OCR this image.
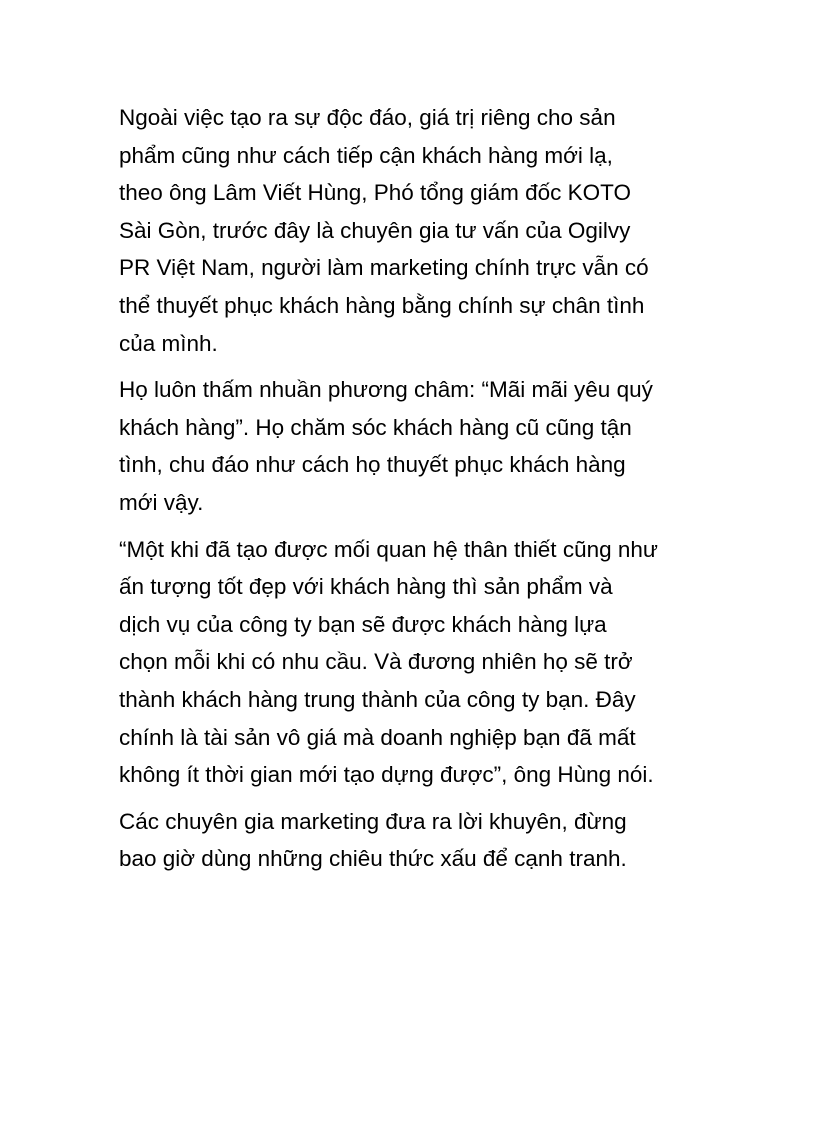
Ngoài việc tạo ra sự độc đáo, giá trị riêng cho sản
phẩm cũng như cách tiếp cận khách hàng mới lạ,
theo ông Lâm Viết Hùng, Phó tổng giám đốc KOTO
Sài Gòn, trước đây là chuyên gia tư vấn của Ogilvy
PR Việt Nam, người làm marketing chính trực vẫn có
thể thuyết phục khách hàng bằng chính sự chân tình
của mình.

Họ luôn thấm nhuần phương châm: “Mãi mãi yêu quý
khách hàng”. Họ chăm sóc khách hàng cũ cũng tận
tình, chu đáo như cách họ thuyết phục khách hàng
mới vậy.

“Một khi đã tạo được mối quan hệ thân thiết cũng như
ấn tượng tốt đẹp với khách hàng thì sản phẩm và
dịch vụ của công ty bạn sẽ được khách hàng lựa
chọn mỗi khi có nhu cầu. Và đương nhiên họ sẽ trở
thành khách hàng trung thành của công ty bạn. Đây
chính là tài sản vô giá mà doanh nghiệp bạn đã mất
không ít thời gian mới tạo dựng được”, ông Hùng nói.

Các chuyên gia marketing đưa ra lời khuyên, đừng
bao giờ dùng những chiêu thức xấu để cạnh tranh.
